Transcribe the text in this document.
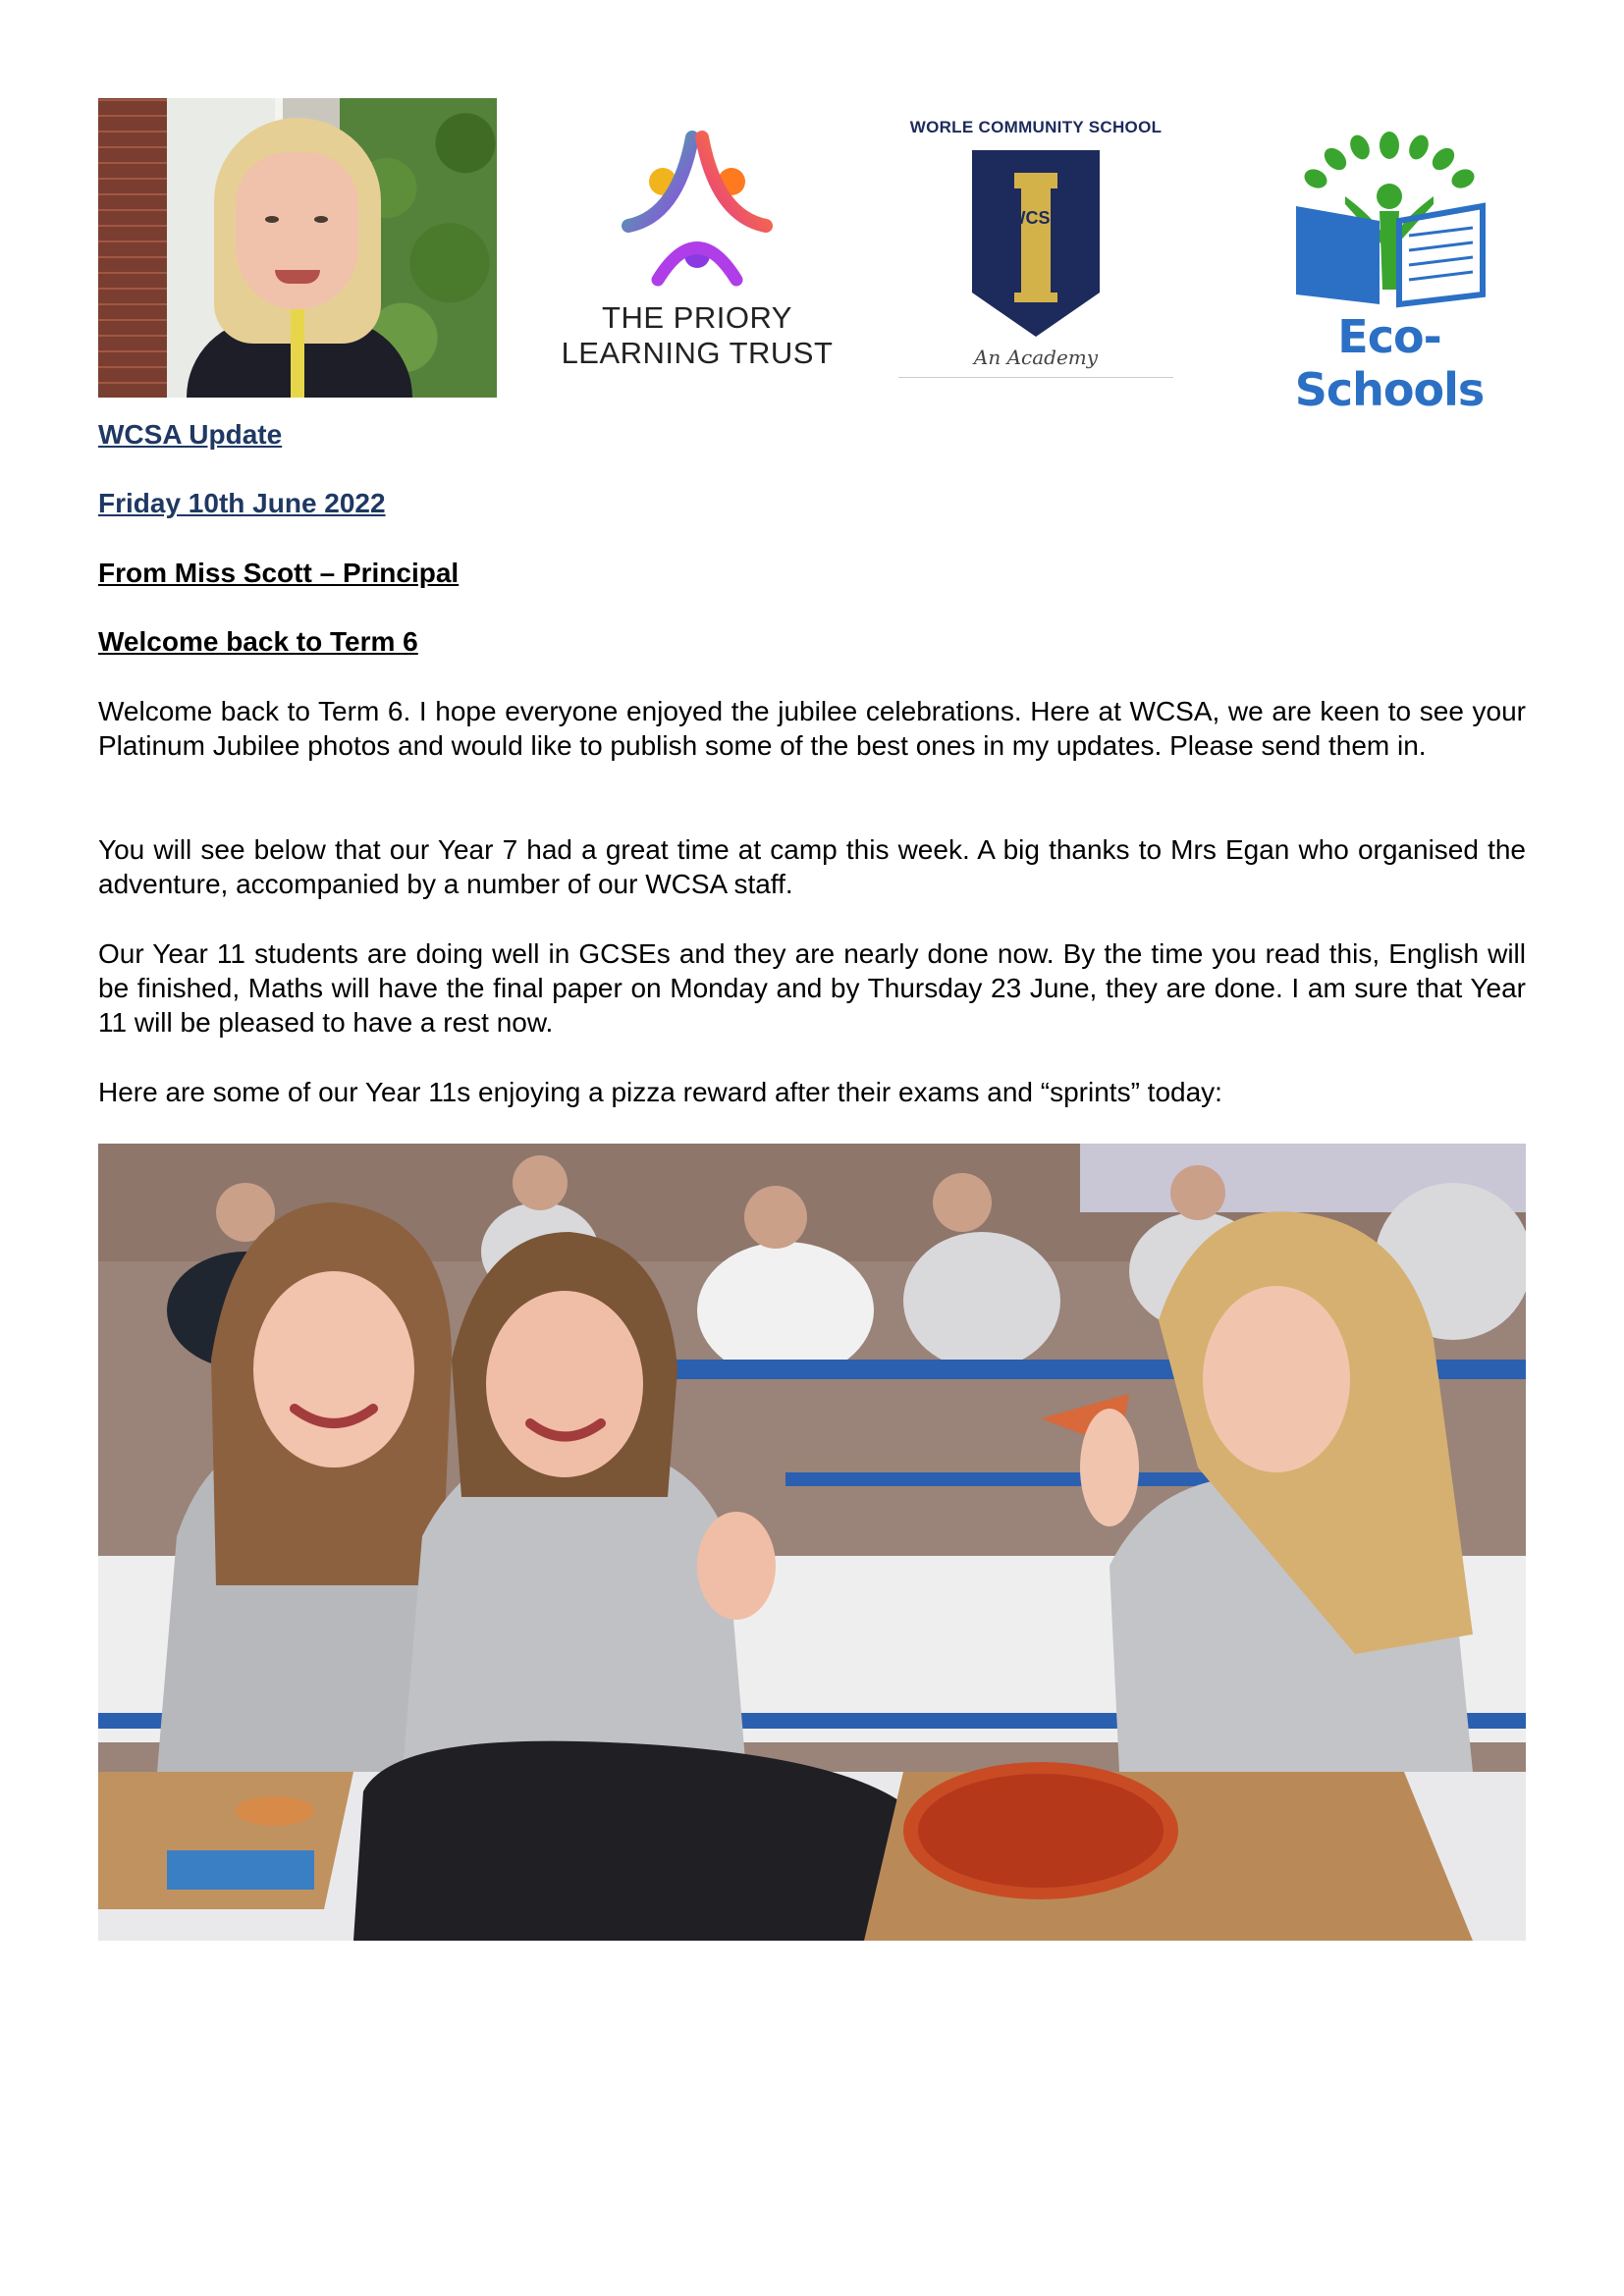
THE PRIORY
LEARNING TRUST
WORLE COMMUNITY SCHOOL
WCSA
An Academy	Eco-Schools

WCSA Update

Friday 10th June 2022

From Miss Scott – Principal

Welcome back to Term 6

Welcome back to Term 6. I hope everyone enjoyed the jubilee celebrations. Here at WCSA, we are keen to see your Platinum Jubilee photos and would like to publish some of the best ones in my updates. Please send them in.

You will see below that our Year 7 had a great time at camp this week. A big thanks to Mrs Egan who organised the adventure, accompanied by a number of our WCSA staff.

Our Year 11 students are doing well in GCSEs and they are nearly done now. By the time you read this, English will be finished, Maths will have the final paper on Monday and by Thursday 23 June, they are done. I am sure that Year 11 will be pleased to have a rest now.

Here are some of our Year 11s enjoying a pizza reward after their exams and “sprints” today:
